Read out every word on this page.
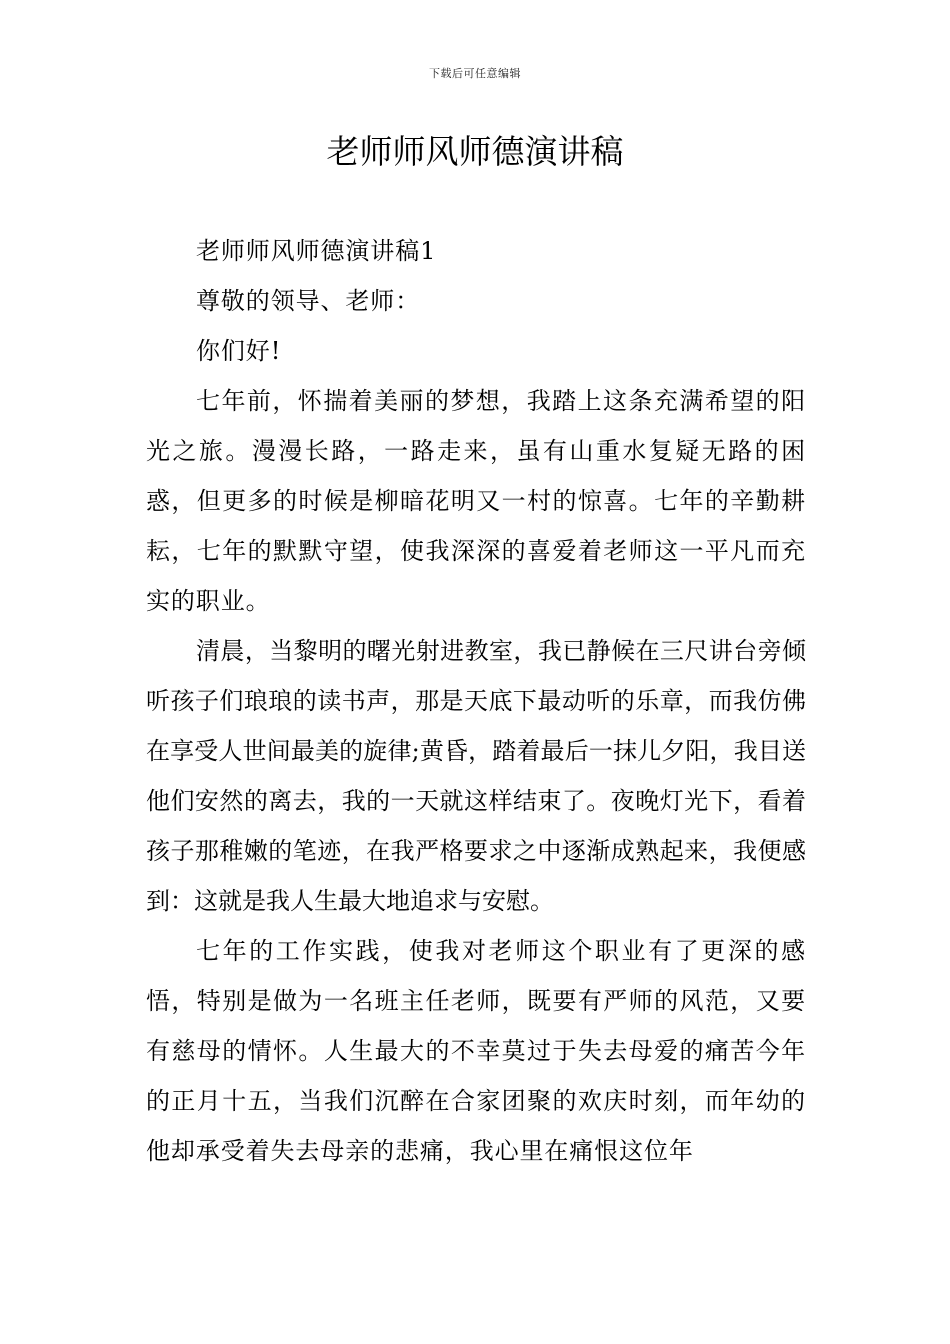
下载后可任意编辑
老师师风师德演讲稿

老师师风师德演讲稿1

尊敬的领导、老师：

你们好!

七年前，怀揣着美丽的梦想，我踏上这条充满希望的阳光之旅。漫漫长路，一路走来，虽有山重水复疑无路的困惑，但更多的时候是柳暗花明又一村的惊喜。七年的辛勤耕耘，七年的默默守望，使我深深的喜爱着老师这一平凡而充实的职业。

清晨，当黎明的曙光射进教室，我已静候在三尺讲台旁倾听孩子们琅琅的读书声，那是天底下最动听的乐章，而我仿佛在享受人世间最美的旋律;黄昏，踏着最后一抹儿夕阳，我目送他们安然的离去，我的一天就这样结束了。夜晚灯光下，看着孩子那稚嫩的笔迹，在我严格要求之中逐渐成熟起来，我便感到：这就是我人生最大地追求与安慰。

七年的工作实践，使我对老师这个职业有了更深的感悟，特别是做为一名班主任老师，既要有严师的风范，又要有慈母的情怀。人生最大的不幸莫过于失去母爱的痛苦今年的正月十五，当我们沉醉在合家团聚的欢庆时刻，而年幼的他却承受着失去母亲的悲痛，我心里在痛恨这位年
